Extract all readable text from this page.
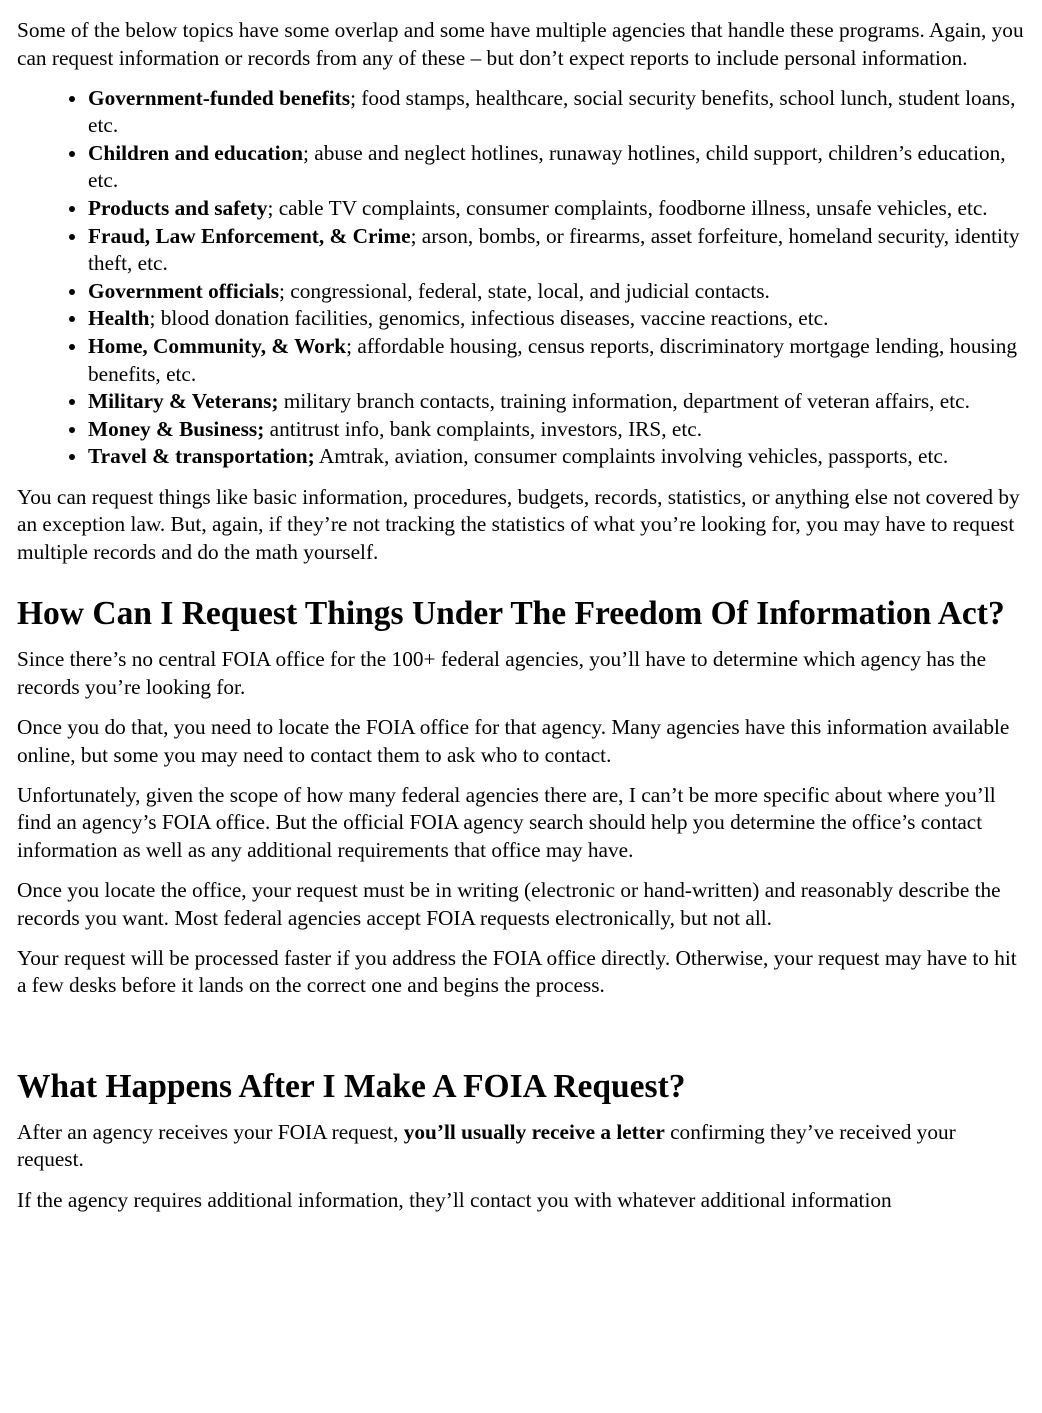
Some of the below topics have some overlap and some have multiple agencies that handle these programs. Again, you can request information or records from any of these – but don’t expect reports to include personal information.

• Government-funded benefits; food stamps, healthcare, social security benefits, school lunch, student loans, etc.
• Children and education; abuse and neglect hotlines, runaway hotlines, child support, children’s education, etc.
• Products and safety; cable TV complaints, consumer complaints, foodborne illness, unsafe vehicles, etc.
• Fraud, Law Enforcement, & Crime; arson, bombs, or firearms, asset forfeiture, homeland security, identity theft, etc.
• Government officials; congressional, federal, state, local, and judicial contacts.
• Health; blood donation facilities, genomics, infectious diseases, vaccine reactions, etc.
• Home, Community, & Work; affordable housing, census reports, discriminatory mortgage lending, housing benefits, etc.
• Military & Veterans; military branch contacts, training information, department of veteran affairs, etc.
• Money & Business; antitrust info, bank complaints, investors, IRS, etc.
• Travel & transportation; Amtrak, aviation, consumer complaints involving vehicles, passports, etc.

You can request things like basic information, procedures, budgets, records, statistics, or anything else not covered by an exception law. But, again, if they’re not tracking the statistics of what you’re looking for, you may have to request multiple records and do the math yourself.

How Can I Request Things Under The Freedom Of Information Act?

Since there’s no central FOIA office for the 100+ federal agencies, you’ll have to determine which agency has the records you’re looking for.

Once you do that, you need to locate the FOIA office for that agency. Many agencies have this information available online, but some you may need to contact them to ask who to contact.

Unfortunately, given the scope of how many federal agencies there are, I can’t be more specific about where you’ll find an agency’s FOIA office. But the official FOIA agency search should help you determine the office’s contact information as well as any additional requirements that office may have.

Once you locate the office, your request must be in writing (electronic or hand-written) and reasonably describe the records you want. Most federal agencies accept FOIA requests electronically, but not all.

Your request will be processed faster if you address the FOIA office directly. Otherwise, your request may have to hit a few desks before it lands on the correct one and begins the process.

What Happens After I Make A FOIA Request?

After an agency receives your FOIA request, you’ll usually receive a letter confirming they’ve received your request.

If the agency requires additional information, they’ll contact you with whatever additional information
